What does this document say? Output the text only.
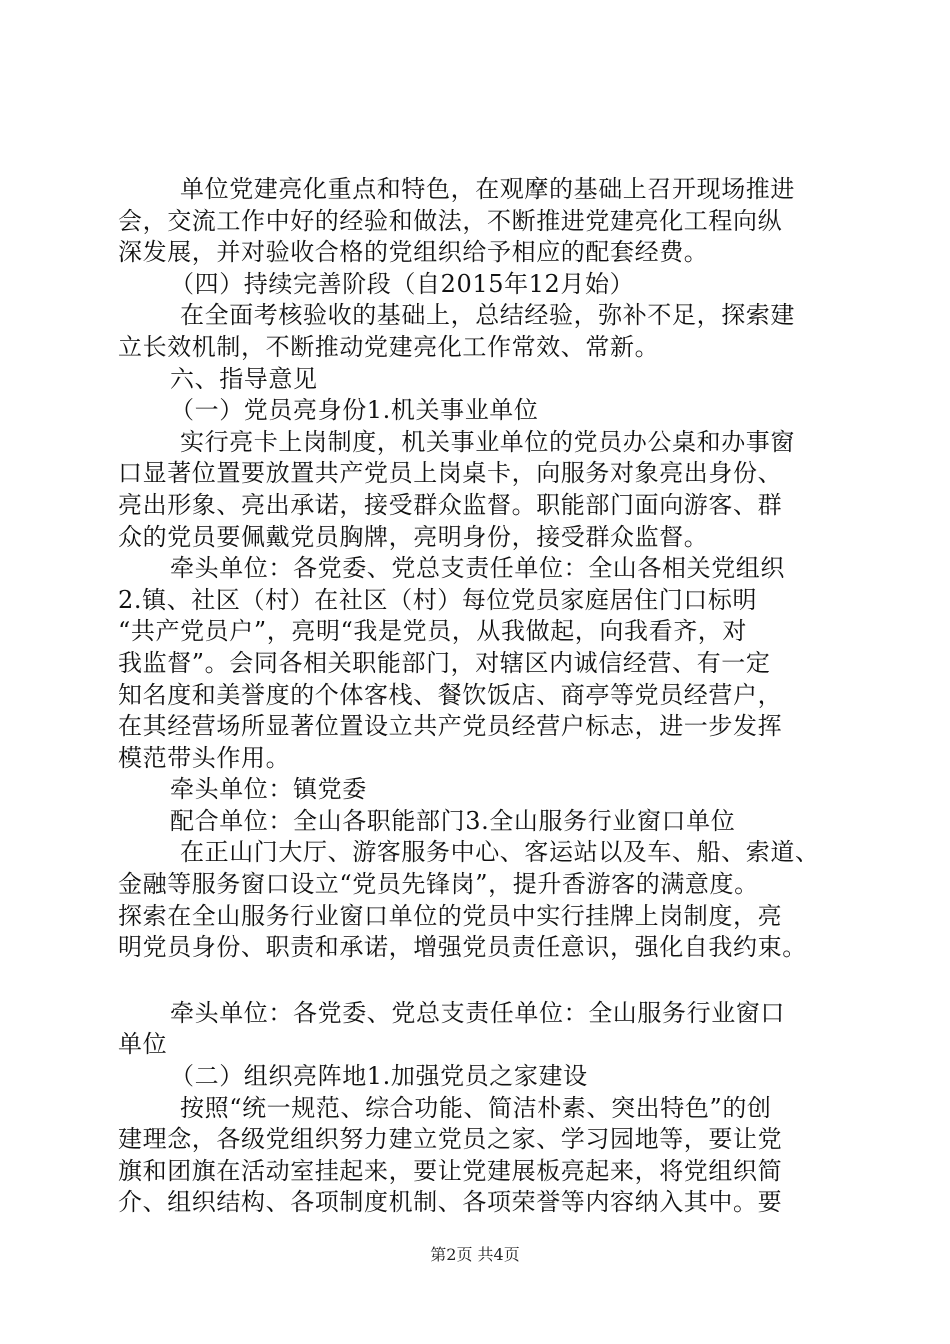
单位党建亮化重点和特色，在观摩的基础上召开现场推进
会，交流工作中好的经验和做法，不断推进党建亮化工程向纵
深发展，并对验收合格的党组织给予相应的配套经费。
（四）持续完善阶段（自2015年12月始）
在全面考核验收的基础上，总结经验，弥补不足，探索建
立长效机制，不断推动党建亮化工作常效、常新。
六、指导意见
（一）党员亮身份1.机关事业单位
实行亮卡上岗制度，机关事业单位的党员办公桌和办事窗
口显著位置要放置共产党员上岗桌卡，向服务对象亮出身份、
亮出形象、亮出承诺，接受群众监督。职能部门面向游客、群
众的党员要佩戴党员胸牌，亮明身份，接受群众监督。
牵头单位：各党委、党总支责任单位：全山各相关党组织
2.镇、社区（村）在社区（村）每位党员家庭居住门口标明
“共产党员户”，亮明“我是党员，从我做起，向我看齐，对
我监督”。会同各相关职能部门，对辖区内诚信经营、有一定
知名度和美誉度的个体客栈、餐饮饭店、商亭等党员经营户，
在其经营场所显著位置设立共产党员经营户标志，进一步发挥
模范带头作用。
牵头单位：镇党委
配合单位：全山各职能部门3.全山服务行业窗口单位
在正山门大厅、游客服务中心、客运站以及车、船、索道、
金融等服务窗口设立“党员先锋岗”，提升香游客的满意度。
探索在全山服务行业窗口单位的党员中实行挂牌上岗制度，亮
明党员身份、职责和承诺，增强党员责任意识，强化自我约束。
牵头单位：各党委、党总支责任单位：全山服务行业窗口
单位
（二）组织亮阵地1.加强党员之家建设
按照“统一规范、综合功能、简洁朴素、突出特色”的创
建理念，各级党组织努力建立党员之家、学习园地等，要让党
旗和团旗在活动室挂起来，要让党建展板亮起来，将党组织简
介、组织结构、各项制度机制、各项荣誉等内容纳入其中。要
第2页 共4页
